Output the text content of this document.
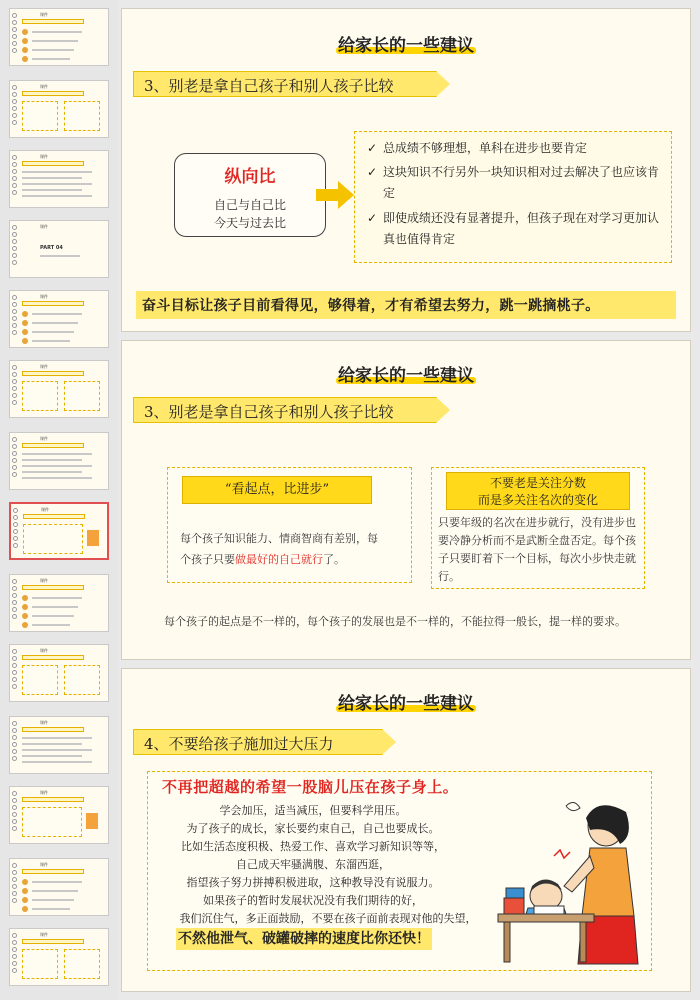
课件
课件
课件
课件
PART 04
课件
课件
课件
课件
课件
课件
课件
课件
课件
课件
给家长的一些建议
3、别老是拿自己孩子和别人孩子比较
纵向比
自己与自己比
今天与过去比
✓ 总成绩不够理想，单科在进步也要肯定
✓ 这块知识不行另外一块知识相对过去解决了也应该肯定
✓ 即使成绩还没有显著提升，但孩子现在对学习更加认真也值得肯定
奋斗目标让孩子目前看得见，够得着，才有希望去努力，跳一跳摘桃子。
给家长的一些建议
3、别老是拿自己孩子和别人孩子比较
“看起点，比进步”
每个孩子知识能力、情商智商有差别，每个孩子只要做最好的自己就行了。
不要老是关注分数
而是多关注名次的变化
只要年级的名次在进步就行，没有进步也要冷静分析而不是武断全盘否定。每个孩子只要盯着下一个目标，每次小步快走就行。
每个孩子的起点是不一样的，每个孩子的发展也是不一样的，不能拉得一般长，提一样的要求。
给家长的一些建议
4、不要给孩子施加过大压力
不再把超越的希望一股脑儿压在孩子身上。
学会加压，适当减压，但要科学用压。
为了孩子的成长，家长要约束自己，自己也要成长。
比如生活态度积极、热爱工作、喜欢学习新知识等等，
自己成天牢骚满腹、东溜西逛，
指望孩子努力拼搏积极进取，这种教导没有说服力。
如果孩子的暂时发展状况没有我们期待的好，
我们沉住气，多正面鼓励，不要在孩子面前表现对他的失望，
不然他泄气、破罐破摔的速度比你还快！
